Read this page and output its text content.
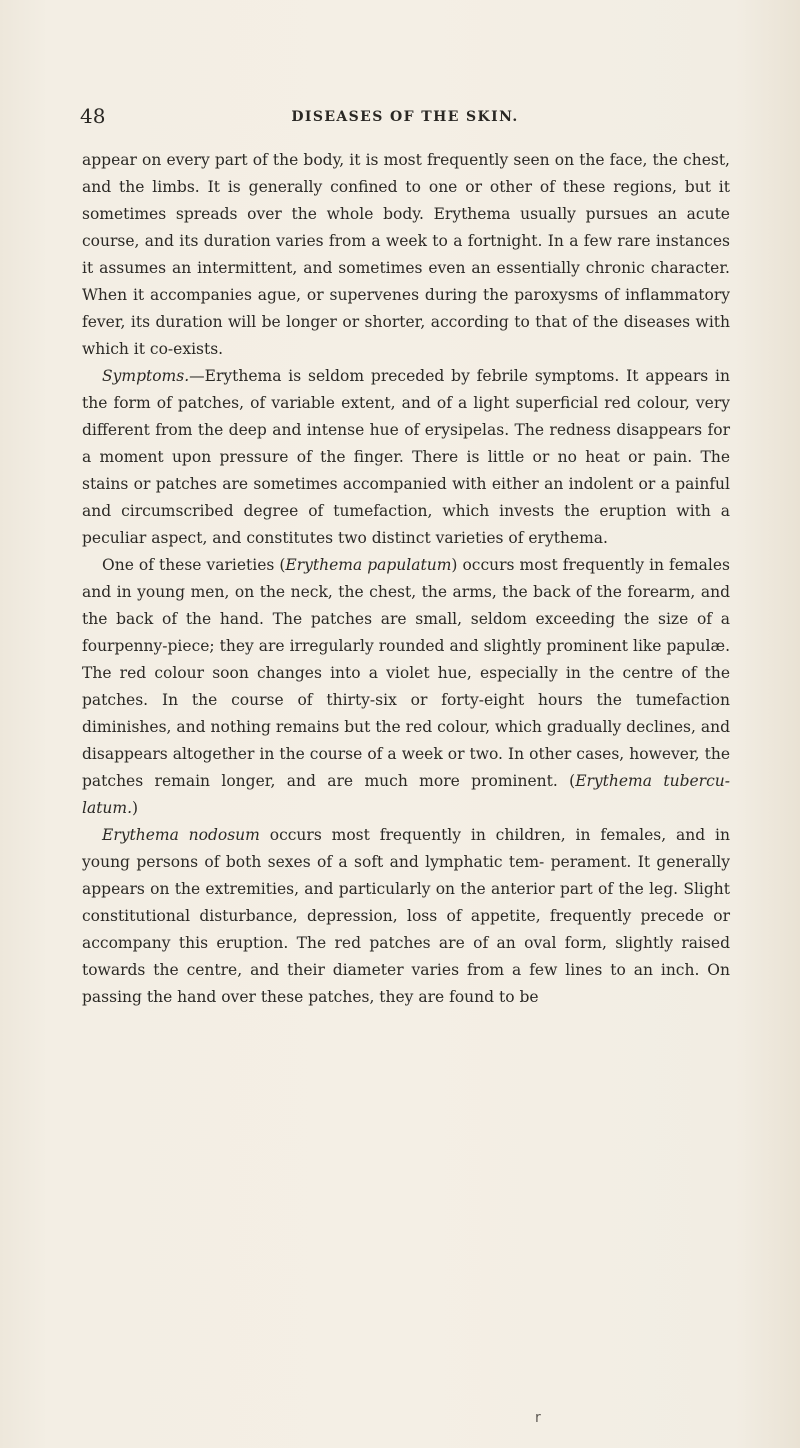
48	DISEASES OF THE SKIN.

appear on every part of the body, it is most frequently seen on the face, the chest, and the limbs. It is generally confined to one or other of these regions, but it sometimes spreads over the whole body. Erythema usually pursues an acute course, and its duration varies from a week to a fortnight. In a few rare instances it assumes an intermittent, and sometimes even an essentially chronic character. When it accompanies ague, or supervenes during the paroxysms of inflammatory fever, its duration will be longer or shorter, according to that of the diseases with which it co-exists.

Symptoms.—Erythema is seldom preceded by febrile symptoms. It appears in the form of patches, of variable extent, and of a light superficial red colour, very different from the deep and intense hue of erysipelas. The redness disappears for a moment upon pressure of the finger. There is little or no heat or pain. The stains or patches are sometimes accompanied with either an indolent or a painful and circumscribed degree of tumefaction, which invests the eruption with a peculiar aspect, and constitutes two distinct varieties of erythema.

One of these varieties (Erythema papulatum) occurs most frequently in females and in young men, on the neck, the chest, the arms, the back of the forearm, and the back of the hand. The patches are small, seldom exceeding the size of a fourpenny-piece; they are irregularly rounded and slightly prominent like papulæ. The red colour soon changes into a violet hue, especially in the centre of the patches. In the course of thirty-six or forty-eight hours the tumefaction diminishes, and nothing remains but the red colour, which gradually declines, and disappears altogether in the course of a week or two. In other cases, however, the patches remain longer, and are much more prominent. (Erythema tubercu- latum.)

Erythema nodosum occurs most frequently in children, in females, and in young persons of both sexes of a soft and lymphatic tem- perament. It generally appears on the extremities, and particularly on the anterior part of the leg. Slight constitutional disturbance, depression, loss of appetite, frequently precede or accompany this eruption. The red patches are of an oval form, slightly raised towards the centre, and their diameter varies from a few lines to an inch. On passing the hand over these patches, they are found to be

r
